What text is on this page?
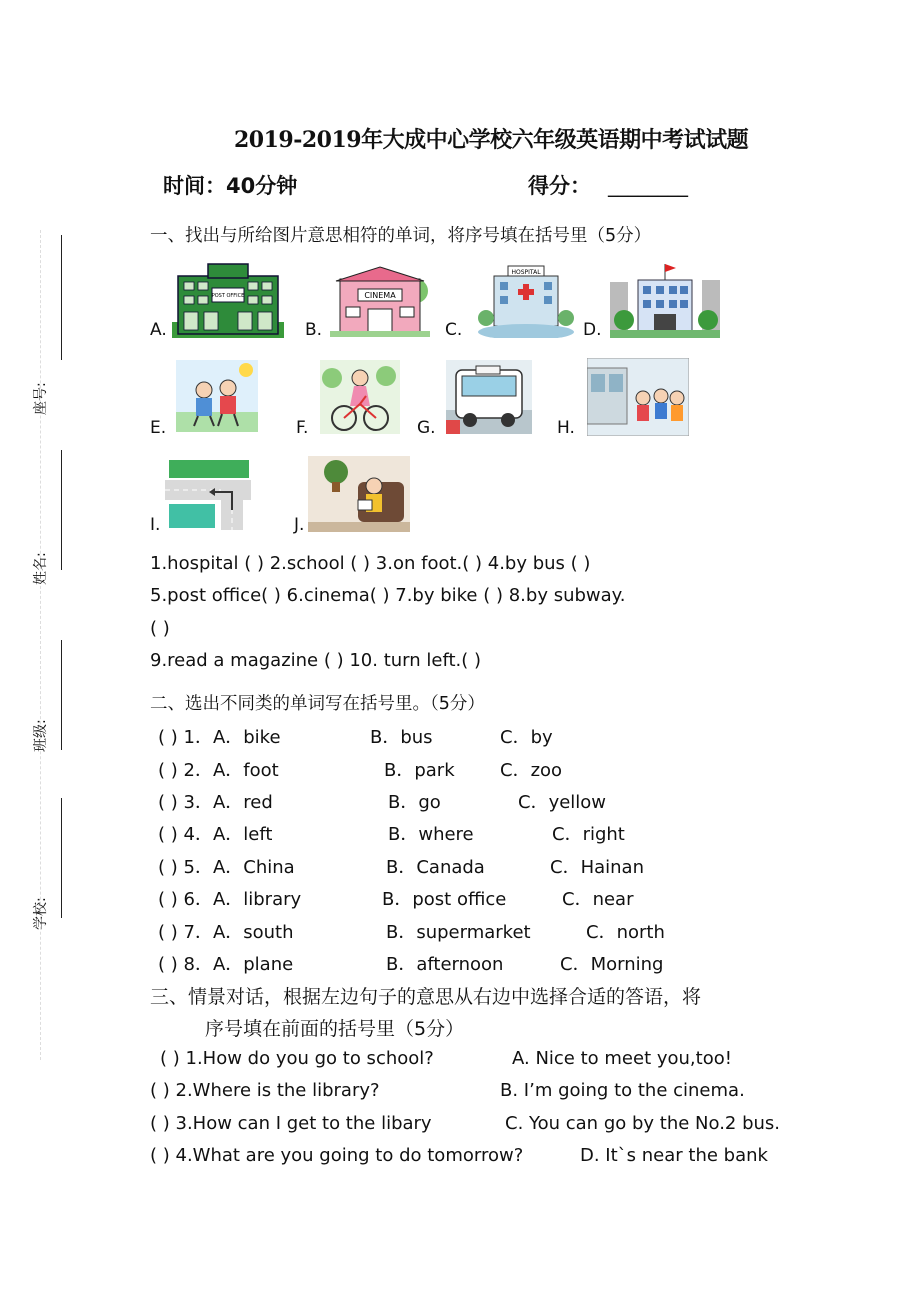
座号:
姓名:
班级:
学校:
2019-2019年大成中心学校六年级英语期中考试试题
时间：40分钟	得分： ________
一、找出与所给图片意思相符的单词，将序号填在括号里（5分）
A.	B.	C.	D.
E.	F.	G.	H.
I.	J.
POST OFFICE	CINEMA
HOSPITAL
1.hospital ( ) 2.school ( ) 3.on foot.( ) 4.by bus ( )
5.post office( ) 6.cinema( ) 7.by bike ( ) 8.by subway.
( )
9.read a magazine ( ) 10. turn left.( )
二、选出不同类的单词写在括号里。（5分）
( ) 1．A．bike	B．bus	C．by
( ) 2．A．foot	B．park	C．zoo
( ) 3．A．red	B．go	C．yellow
( ) 4．A．left	B．where	C．right
( ) 5．A．China	B．Canada	C．Hainan
( ) 6．A．library	B．post office	C．near
( ) 7．A．south	B．supermarket	C．north
( ) 8．A．plane	B．afternoon	C．Morning
三、情景对话，根据左边句子的意思从右边中选择合适的答语，将
序号填在前面的括号里（5分）
( ) 1.How do you go to school?	A. Nice to meet you,too!
( ) 2.Where is the library?	B. I’m going to the cinema.
( ) 3.How can I get to the libary	C. You can go by the No.2 bus.
( ) 4.What are you going to do tomorrow?	D. It`s near the bank
